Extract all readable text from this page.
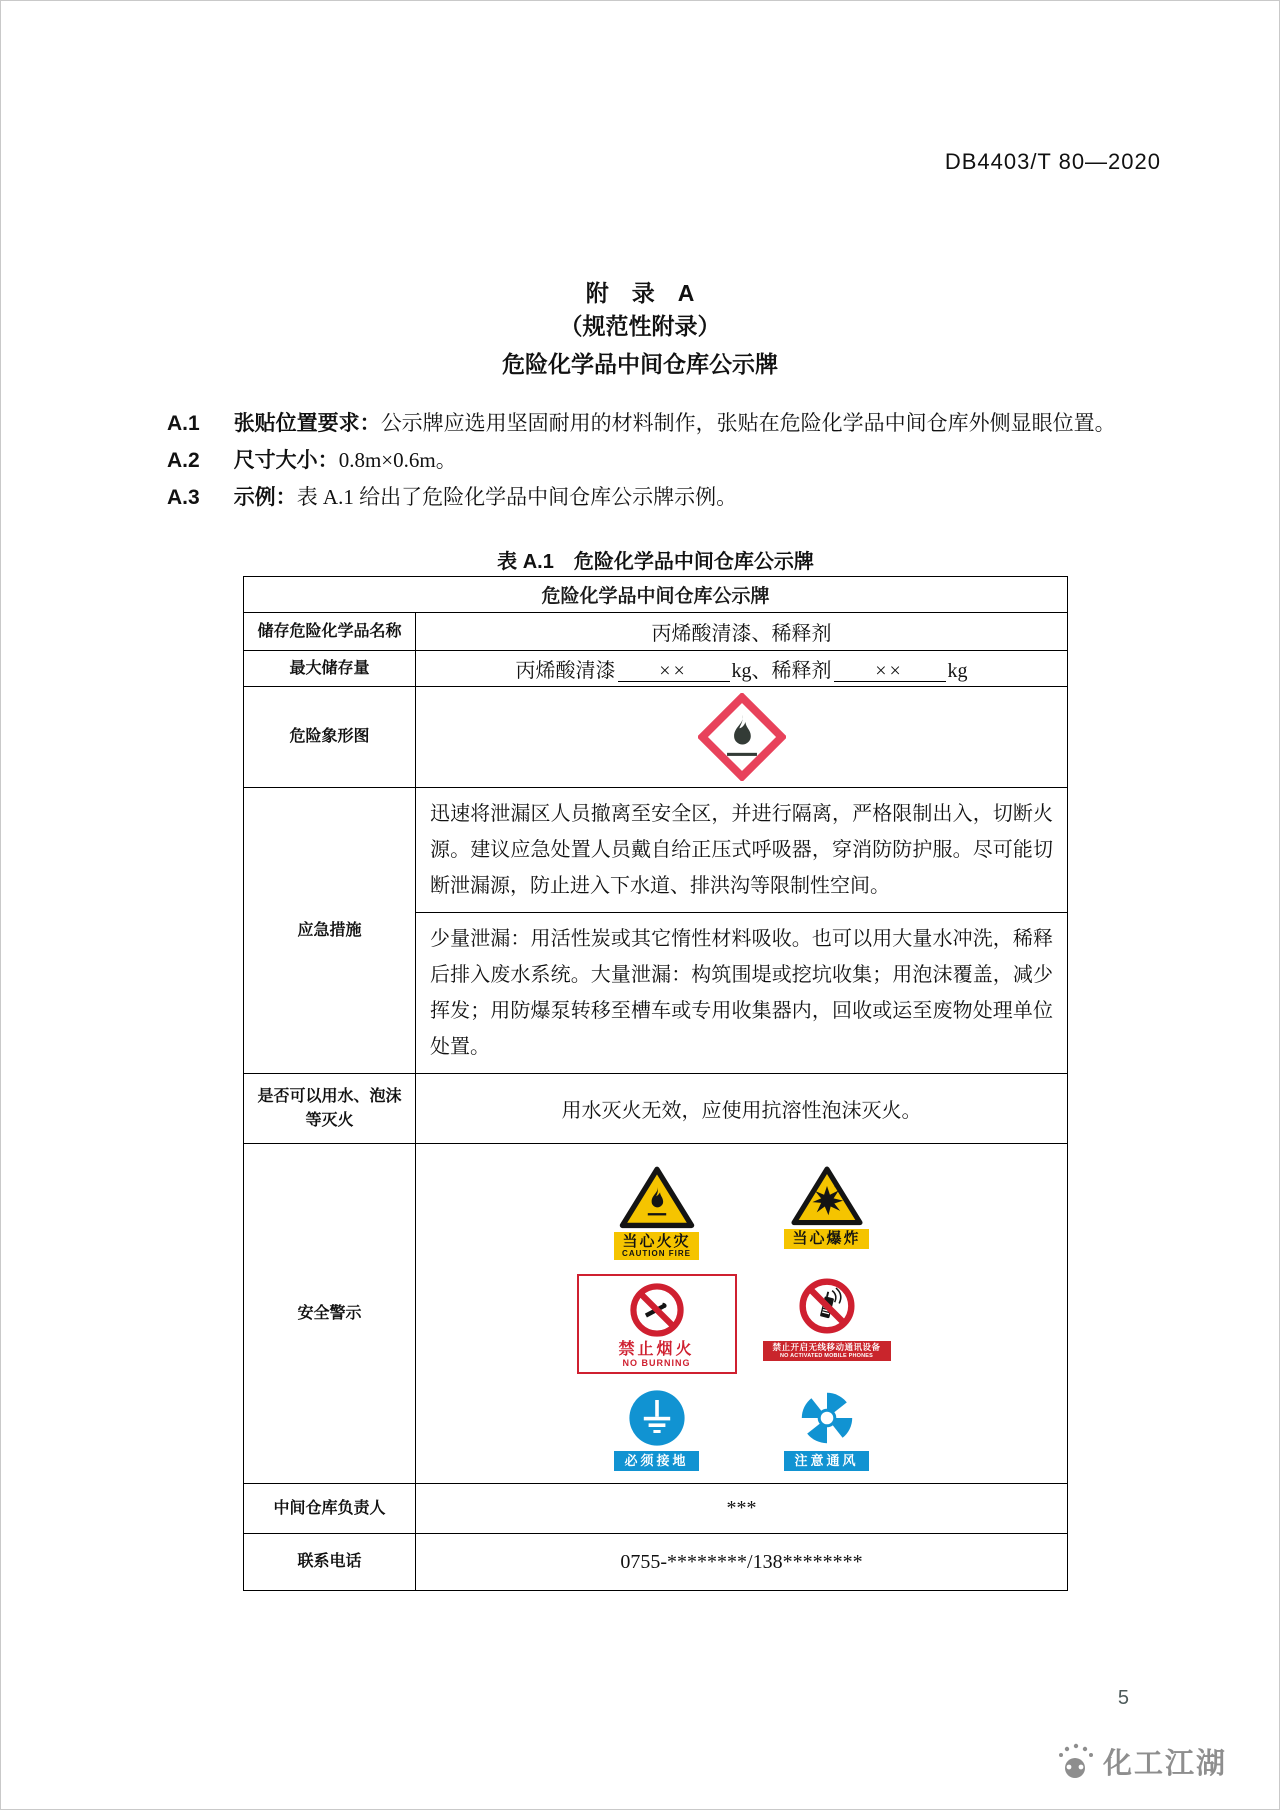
DB4403/T 80—2020
附　录　A
（规范性附录）
危险化学品中间仓库公示牌

A.1 张贴位置要求：公示牌应选用坚固耐用的材料制作，张贴在危险化学品中间仓库外侧显眼位置。

A.2 尺寸大小：0.8m×0.6m。

A.3 示例：表 A.1 给出了危险化学品中间仓库公示牌示例。

表 A.1　危险化学品中间仓库公示牌
危险化学品中间仓库公示牌	
储存危险化学品名称	丙烯酸清漆、稀释剂
最大储存量	丙烯酸清漆 ×× kg、稀释剂 ×× kg
危险象形图	
应急措施	迅速将泄漏区人员撤离至安全区，并进行隔离，严格限制出入，切断火源。建议应急处置人员戴自给正压式呼吸器，穿消防防护服。尽可能切断泄漏源，防止进入下水道、排洪沟等限制性空间。
	少量泄漏：用活性炭或其它惰性材料吸收。也可以用大量水冲洗，稀释后排入废水系统。大量泄漏：构筑围堤或挖坑收集；用泡沫覆盖，减少挥发；用防爆泵转移至槽车或专用收集器内，回收或运至废物处理单位处置。
是否可以用水、泡沫等灭火	用水灭火无效，应使用抗溶性泡沫灭火。
安全警示	
当心火灾
CAUTION FIRE
当心爆炸
禁止烟火
NO BURNING
禁止开启无线移动通讯设备
NO ACTIVATED MOBILE PHONES
必须接地	注意通风

中间仓库负责人	***
联系电话	0755-********/138********
5
化工江湖
